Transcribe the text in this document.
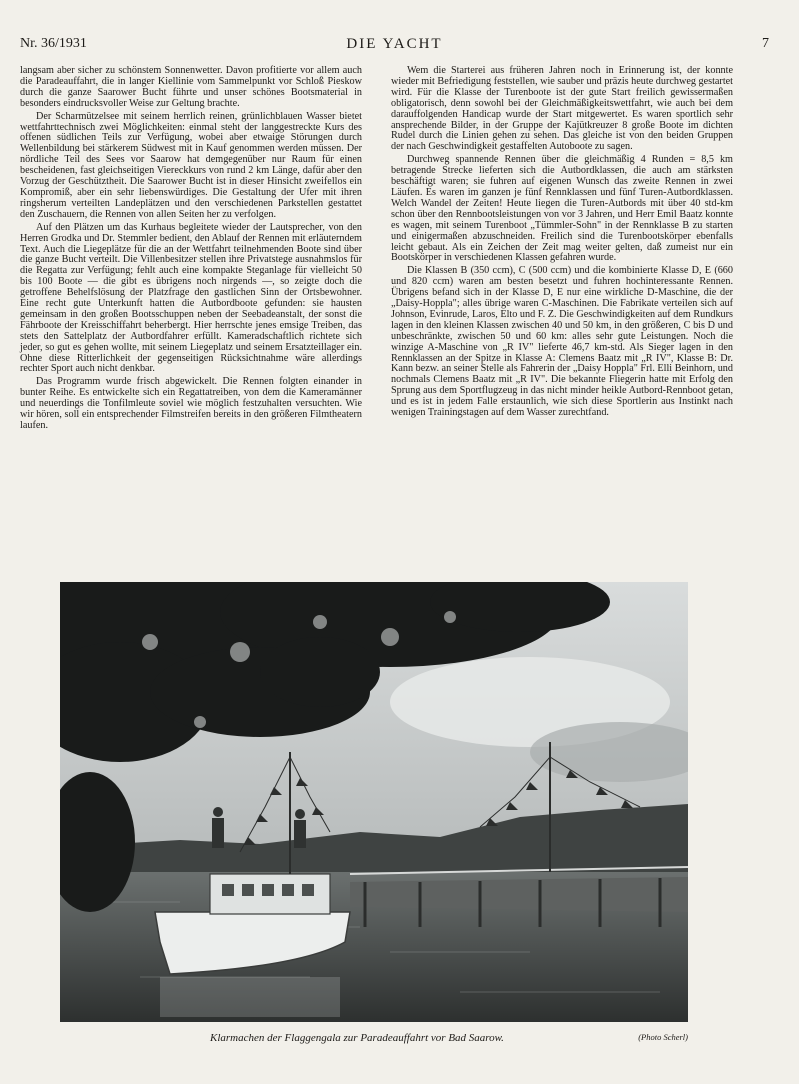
Nr. 36/1931	DIE YACHT	7

langsam aber sicher zu schönstem Sonnenwetter. Davon profitierte vor allem auch die Paradeauffahrt, die in langer Kiellinie vom Sammelpunkt vor Schloß Pieskow durch die ganze Saarower Bucht führte und unser schönes Bootsmaterial in besonders eindrucksvoller Weise zur Geltung brachte.

Der Scharmützelsee mit seinem herrlich reinen, grünlichblauen Wasser bietet wettfahrttechnisch zwei Möglichkeiten: einmal steht der langgestreckte Kurs des offenen südlichen Teils zur Verfügung, wobei aber etwaige Störungen durch Wellenbildung bei stärkerem Südwest mit in Kauf genommen werden müssen. Der nördliche Teil des Sees vor Saarow hat demgegenüber nur Raum für einen bescheidenen, fast gleichseitigen Viereckkurs von rund 2 km Länge, dafür aber den Vorzug der Geschütztheit. Die Saarower Bucht ist in dieser Hinsicht zweifellos ein Kompromiß, aber ein sehr liebenswürdiges. Die Gestaltung der Ufer mit ihren ringsherum verteilten Landeplätzen und den verschiedenen Parkstellen gestattet den Zuschauern, die Rennen von allen Seiten her zu verfolgen.

Auf den Plätzen um das Kurhaus begleitete wieder der Lautsprecher, von den Herren Grodka und Dr. Stemmler bedient, den Ablauf der Rennen mit erläuterndem Text. Auch die Liegeplätze für die an der Wettfahrt teilnehmenden Boote sind über die ganze Bucht verteilt. Die Villenbesitzer stellen ihre Privatstege ausnahmslos für die Regatta zur Verfügung; fehlt auch eine kompakte Steganlage für vielleicht 50 bis 100 Boote — die gibt es übrigens noch nirgends —, so zeigte doch die getroffene Behelfslösung der Platzfrage den gastlichen Sinn der Ortsbewohner. Eine recht gute Unterkunft hatten die Autbordboote gefunden: sie hausten gemeinsam in den großen Bootsschuppen neben der Seebadeanstalt, der sonst die Fährboote der Kreisschiffahrt beherbergt. Hier herrschte jenes emsige Treiben, das stets den Sattelplatz der Autbordfahrer erfüllt. Kameradschaftlich richtete sich jeder, so gut es gehen wollte, mit seinem Liegeplatz und seinem Ersatzteillager ein. Ohne diese Ritterlichkeit der gegenseitigen Rücksichtnahme wäre allerdings rechter Sport auch nicht denkbar.

Das Programm wurde frisch abgewickelt. Die Rennen folgten einander in bunter Reihe. Es entwickelte sich ein Regattatreiben, von dem die Kameramänner und neuerdings die Tonfilmleute soviel wie möglich festzuhalten versuchten. Wie wir hören, soll ein entsprechender Filmstreifen bereits in den größeren Filmtheatern laufen.

Wem die Starterei aus früheren Jahren noch in Erinnerung ist, der konnte wieder mit Befriedigung feststellen, wie sauber und präzis heute durchweg gestartet wird. Für die Klasse der Turenboote ist der gute Start freilich gewissermaßen obligatorisch, denn sowohl bei der Gleichmäßigkeitswettfahrt, wie auch bei dem darauffolgenden Handicap wurde der Start mitgewertet. Es waren sportlich sehr ansprechende Bilder, in der Gruppe der Kajütkreuzer 8 große Boote im dichten Rudel durch die Linien gehen zu sehen. Das gleiche ist von den beiden Gruppen der nach Geschwindigkeit gestaffelten Autoboote zu sagen.

Durchweg spannende Rennen über die gleichmäßig 4 Runden = 8,5 km betragende Strecke lieferten sich die Autbordklassen, die auch am stärksten beschäftigt waren; sie fuhren auf eigenen Wunsch das zweite Rennen in zwei Läufen. Es waren im ganzen je fünf Rennklassen und fünf Turen-Autbordklassen. Welch Wandel der Zeiten! Heute liegen die Turen-Autbords mit über 40 std-km schon über den Rennbootsleistungen von vor 3 Jahren, und Herr Emil Baatz konnte es wagen, mit seinem Turenboot „Tümmler-Sohn" in der Rennklasse B zu starten und einigermaßen abzuschneiden. Freilich sind die Turenbootskörper ebenfalls leicht gebaut. Als ein Zeichen der Zeit mag weiter gelten, daß zumeist nur ein Bootskörper in verschiedenen Klassen gefahren wurde.

Die Klassen B (350 ccm), C (500 ccm) und die kombinierte Klasse D, E (660 und 820 ccm) waren am besten besetzt und fuhren hochinteressante Rennen. Übrigens befand sich in der Klasse D, E nur eine wirkliche D-Maschine, die der „Daisy-Hoppla"; alles übrige waren C-Maschinen. Die Fabrikate verteilen sich auf Johnson, Evinrude, Laros, Elto und F. Z. Die Geschwindigkeiten auf dem Rundkurs lagen in den kleinen Klassen zwischen 40 und 50 km, in den größeren, C bis D und unbeschränkte, zwischen 50 und 60 km: alles sehr gute Leistungen. Noch die winzige A-Maschine von „R IV" lieferte 46,7 km-std. Als Sieger lagen in den Rennklassen an der Spitze in Klasse A: Clemens Baatz mit „R IV", Klasse B: Dr. Kann bezw. an seiner Stelle als Fahrerin der „Daisy Hoppla" Frl. Elli Beinhorn, und nochmals Clemens Baatz mit „R IV". Die bekannte Fliegerin hatte mit Erfolg den Sprung aus dem Sportflugzeug in das nicht minder heikle Autbord-Rennboot getan, und es ist in jedem Falle erstaunlich, wie sich diese Sportlerin aus Instinkt nach wenigen Trainingstagen auf dem Wasser zurechtfand.

Klarmachen der Flaggengala zur Paradeauffahrt vor Bad Saarow.	(Photo Scherl)
